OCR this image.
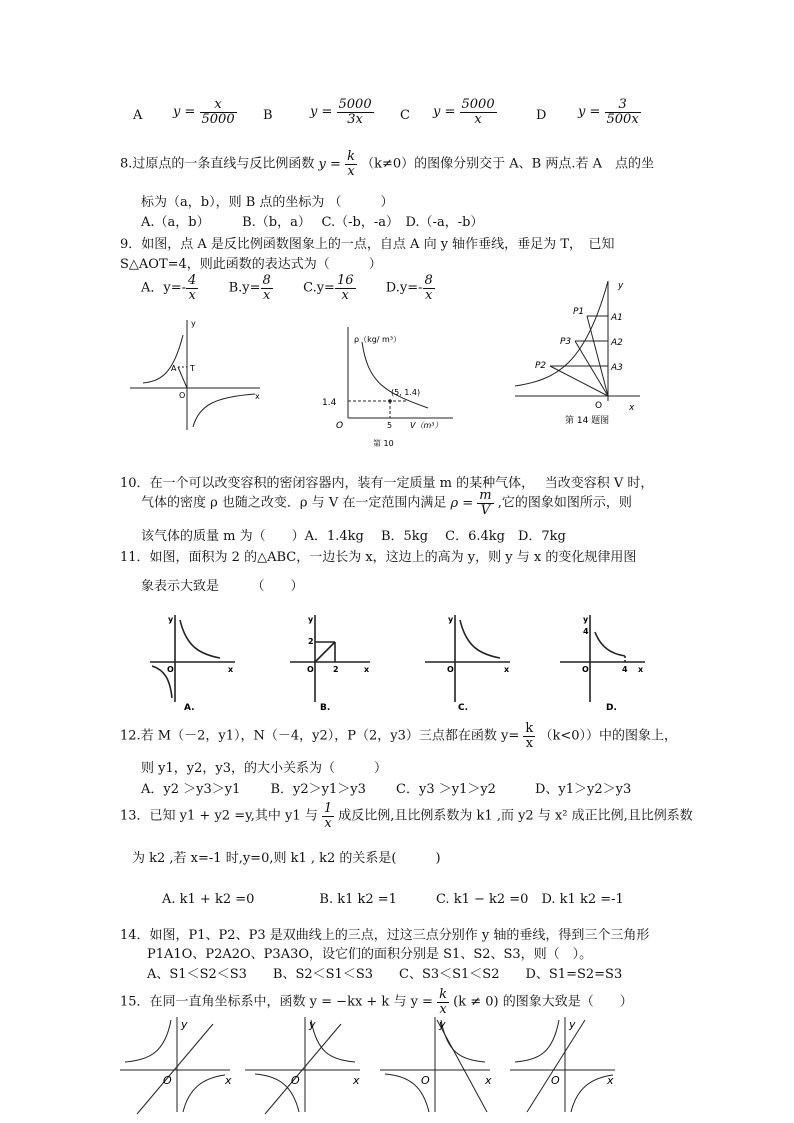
A $y = \frac{x}{5000}$ B	$y = \frac{5000}{3x}$ C $y = \frac{5000}{x}$	D $y = \frac{3}{500x}$
8.过原点的一条直线与反比例函数 $y = \frac{k}{x} (k\ne 0)$的图像分别交于 A、B 两点.若 A　点的坐
标为（a，b），则 B 点的坐标为 （　　　）
A.（a，b）　　　B.（b，a）　 C.（-b，-a）　D.（-a，-b）
9．如图，点 A 是反比例函数图象上的一点，自点 A 向 y 轴作垂线，垂足为 T，　已知
S△AOT=4，则此函数的表达式为（　　　）
A．$y=- \frac{4}{x} B.y= \frac{8}{x} C.y= \frac{16}{x} D.y=- \frac{8}{x}$
y
x
O
A T
ρ（kg/ m³）
(5, 1.4)
1.4
5
O	V（m³）
第 10
y
x
O
P1
P3
P2
A1
A2
A3
第 14 题图
10．在一个可以改变容积的密闭容器内，装有一定质量 m 的某种气体，　 当改变容积 V 时，
气体的密度 ρ 也随之改变．ρ 与 V 在一定范围内满足 $\rho = \frac{m}{V}$ ,它的图象如图所示，则
该气体的质量 m 为（　　）A．1.4kg　 B．5kg　 C．6.4kg　D．7kg
11．如图，面积为 2 的△ABC，一边长为 x，这边上的高为 y，则 y 与 x 的变化规律用图
象表示大致是　　　（　　）
y
x
O
A.
y
x
O
2
2
B.
y
x
O
C.
y
x
O
4
4
D.
12.若 M（－2，y1），N（－4，y2），P（2，y3）三点都在函数 $y= \frac{k}{x} (k<0)$）中的图象上，
则 y1，y2，y3，的大小关系为（　　　）
A．y2 ＞y3＞y1　　 B．y2＞y1＞y3　　 C．y3 ＞y1＞y2　　　D、y1＞y2＞y3
13．已知 y1 + y2 =y,其中 y1 与 $\frac{1}{x}$ 成反比例,且比例系数为 k1 ,而 y2 与 x² 成正比例,且比例系数
为 k2 ,若 x=-1 时,y=0,则 k1 , k2 的关系是(　　　)
A. k1 + k2 =0　　　　　B. k1 k2 =1　　　C. k1 − k2 =0　D. k1 k2 =-1
14．如图，P1、P2、P3 是双曲线上的三点，过这三点分别作 y 轴的垂线，得到三个三角形
P1A1O、P2A2O、P3A3O，设它们的面积分别是 S1、S2、S3，则（　）。
A、S1＜S2＜S3　　B、S2＜S1＜S3　　C、S3＜S1＜S2　　D、S1=S2=S3
15．在同一直角坐标系中，函数 y = −kx + k 与 $y = \frac{k}{x} (k \ne 0)$ 的图象大致是（　　）
y
x
O
y
x
O
y
x
O
y
x
O
